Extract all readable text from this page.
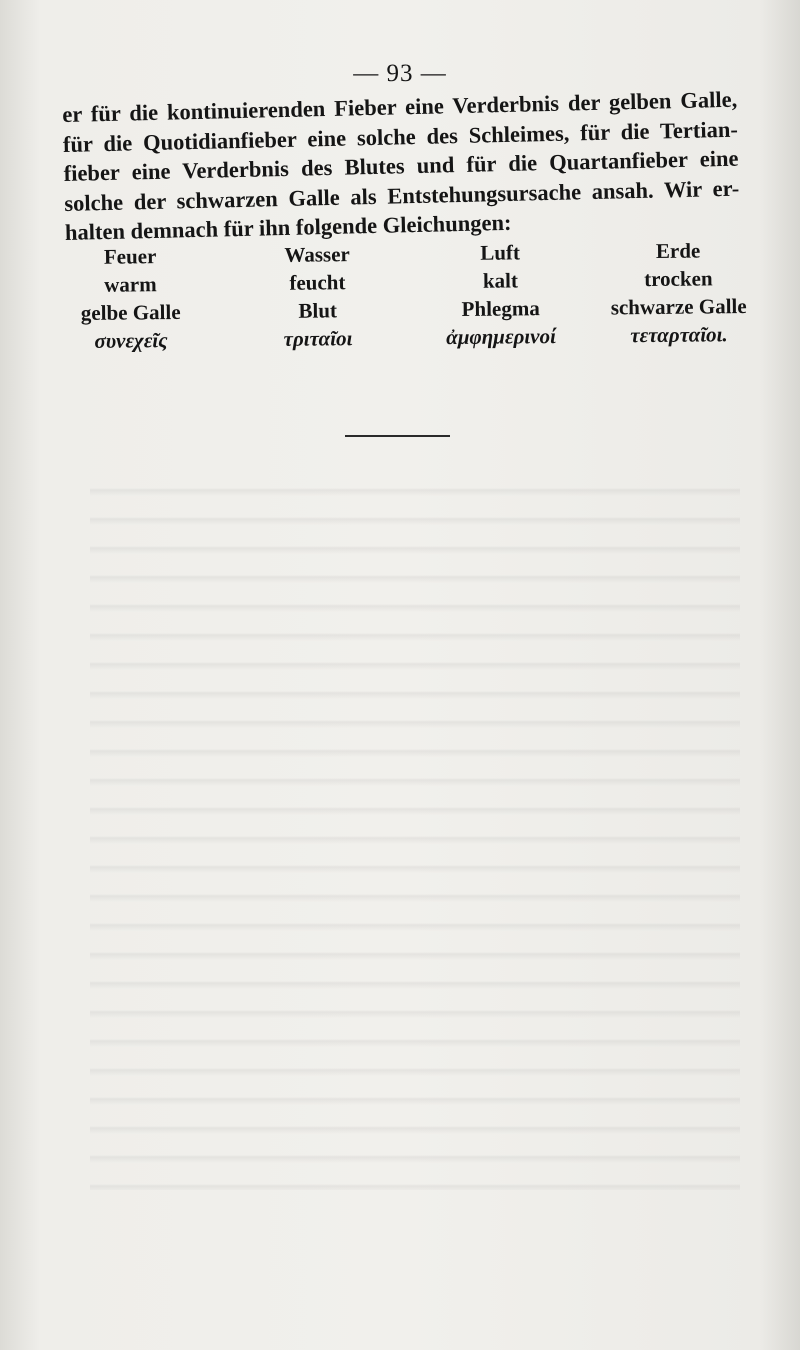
— 93 —
er für die kontinuierenden Fieber eine Verderbnis der gelben Galle,
für die Quotidianfieber eine solche des Schleimes, für die Tertian-
fieber eine Verderbnis des Blutes und für die Quartanfieber eine
solche der schwarzen Galle als Entstehungsursache ansah. Wir er-
halten demnach für ihn folgende Gleichungen:
Feuer	Wasser	Luft	Erde
warm	feucht	kalt	trocken
gelbe Galle	Blut	Phlegma	schwarze Galle
συνεχεῖς	τριταῖοι	ἀμφημερινοί	τεταρταῖοι.
